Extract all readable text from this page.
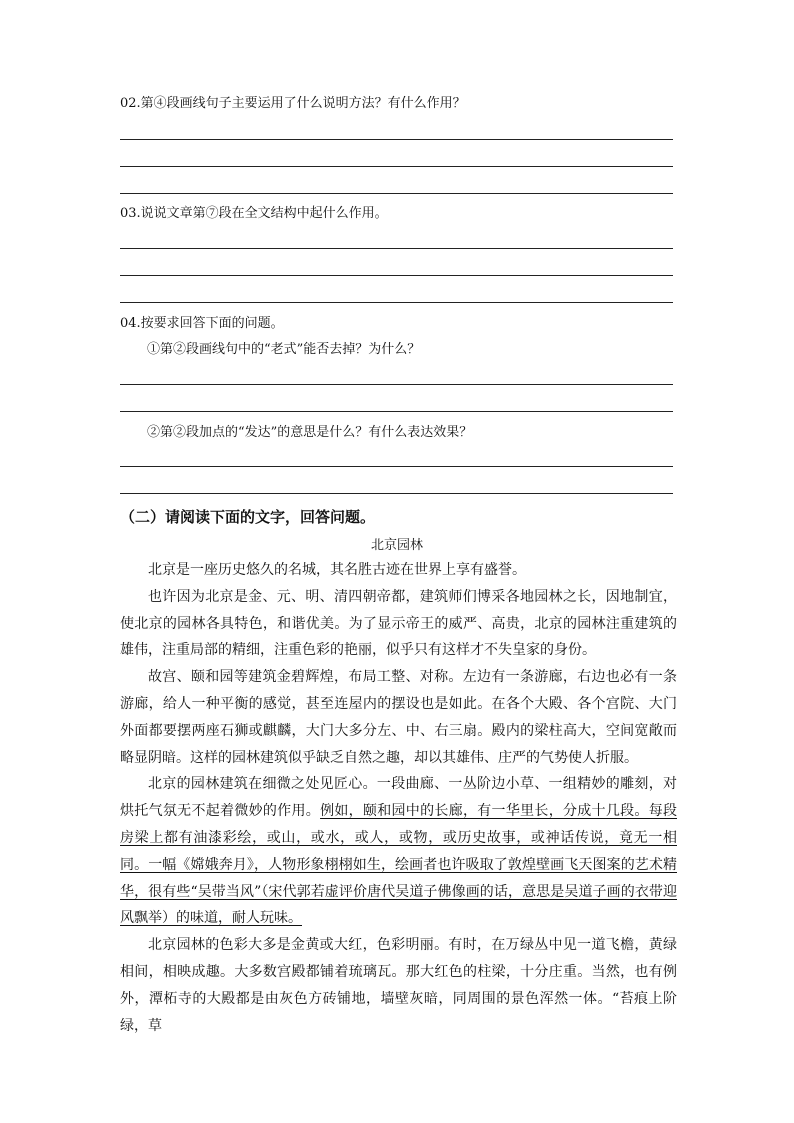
02.第④段画线句子主要运用了什么说明方法？有什么作用？
03.说说文章第⑦段在全文结构中起什么作用。
04.按要求回答下面的问题。
①第②段画线句中的“老式”能否去掉？为什么？
②第②段加点的“发达”的意思是什么？有什么表达效果？
（二）请阅读下面的文字，回答问题。
北京园林
北京是一座历史悠久的名城，其名胜古迹在世界上享有盛誉。
也许因为北京是金、元、明、清四朝帝都，建筑师们博采各地园林之长，因地制宜，使北京的园林各具特色，和谐优美。为了显示帝王的威严、高贵，北京的园林注重建筑的雄伟，注重局部的精细，注重色彩的艳丽，似乎只有这样才不失皇家的身份。
故宫、颐和园等建筑金碧辉煌，布局工整、对称。左边有一条游廊，右边也必有一条游廊，给人一种平衡的感觉，甚至连屋内的摆设也是如此。在各个大殿、各个宫院、大门外面都要摆两座石狮或麒麟，大门大多分左、中、右三扇。殿内的梁柱高大，空间宽敞而略显阴暗。这样的园林建筑似乎缺乏自然之趣，却以其雄伟、庄严的气势使人折服。
北京的园林建筑在细微之处见匠心。一段曲廊、一丛阶边小草、一组精妙的雕刻，对烘托气氛无不起着微妙的作用。例如，颐和园中的长廊，有一华里长，分成十几段。每段房梁上都有油漆彩绘，或山，或水，或人，或物，或历史故事，或神话传说，竟无一相同。一幅《嫦娥奔月》，人物形象栩栩如生，绘画者也许吸取了敦煌壁画飞天图案的艺术精华，很有些“吴带当风”（宋代郭若虚评价唐代吴道子佛像画的话，意思是吴道子画的衣带迎风飘举）的味道，耐人玩味。
北京园林的色彩大多是金黄或大红，色彩明丽。有时，在万绿丛中见一道飞檐，黄绿相间，相映成趣。大多数宫殿都铺着琉璃瓦。那大红色的柱梁，十分庄重。当然，也有例外，潭柘寺的大殿都是由灰色方砖铺地，墙壁灰暗，同周围的景色浑然一体。“苔痕上阶绿，草
